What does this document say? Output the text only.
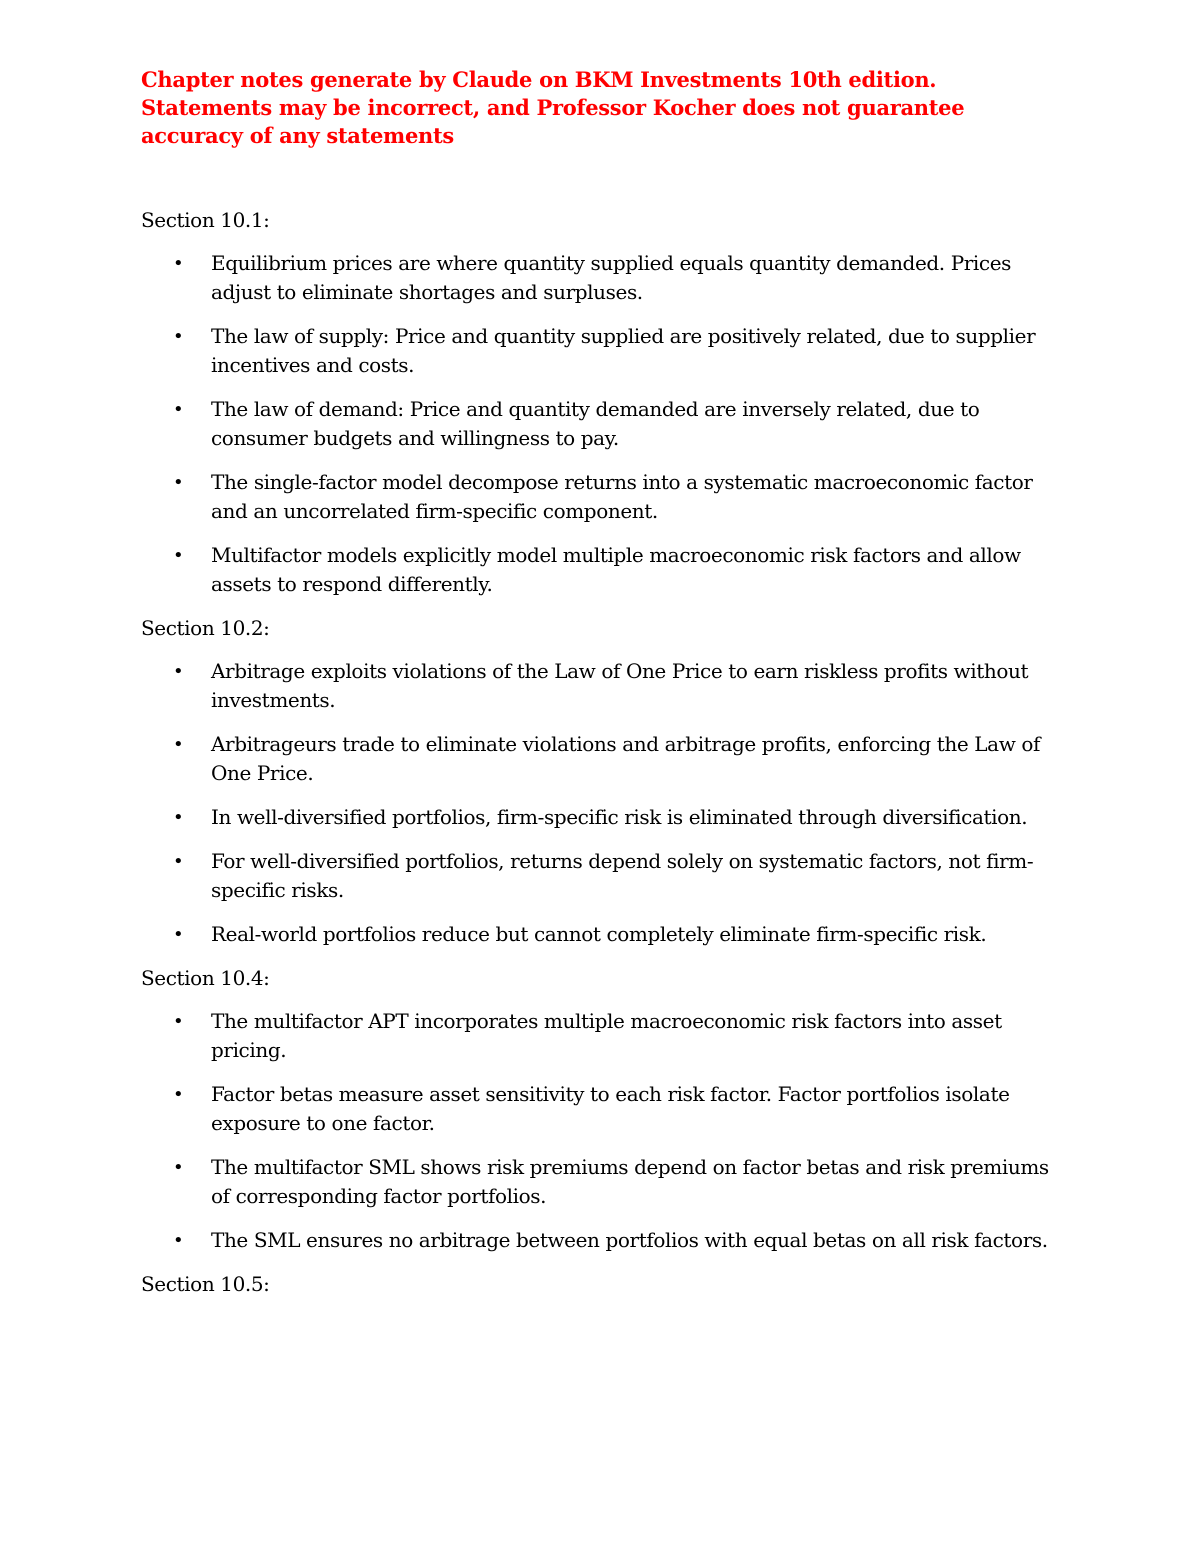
Chapter notes generate by Claude on BKM Investments 10th edition.
Statements may be incorrect, and Professor Kocher does not guarantee
accuracy of any statements

Section 10.1:

• Equilibrium prices are where quantity supplied equals quantity demanded. Prices adjust to eliminate shortages and surpluses.
• The law of supply: Price and quantity supplied are positively related, due to supplier incentives and costs.
• The law of demand: Price and quantity demanded are inversely related, due to consumer budgets and willingness to pay.
• The single-factor model decompose returns into a systematic macroeconomic factor and an uncorrelated firm-specific component.
• Multifactor models explicitly model multiple macroeconomic risk factors and allow assets to respond differently.

Section 10.2:

• Arbitrage exploits violations of the Law of One Price to earn riskless profits without investments.
• Arbitrageurs trade to eliminate violations and arbitrage profits, enforcing the Law of One Price.
• In well-diversified portfolios, firm-specific risk is eliminated through diversification.
• For well-diversified portfolios, returns depend solely on systematic factors, not firm-specific risks.
• Real-world portfolios reduce but cannot completely eliminate firm-specific risk.

Section 10.4:

• The multifactor APT incorporates multiple macroeconomic risk factors into asset pricing.
• Factor betas measure asset sensitivity to each risk factor. Factor portfolios isolate exposure to one factor.
• The multifactor SML shows risk premiums depend on factor betas and risk premiums of corresponding factor portfolios.
• The SML ensures no arbitrage between portfolios with equal betas on all risk factors.

Section 10.5:
